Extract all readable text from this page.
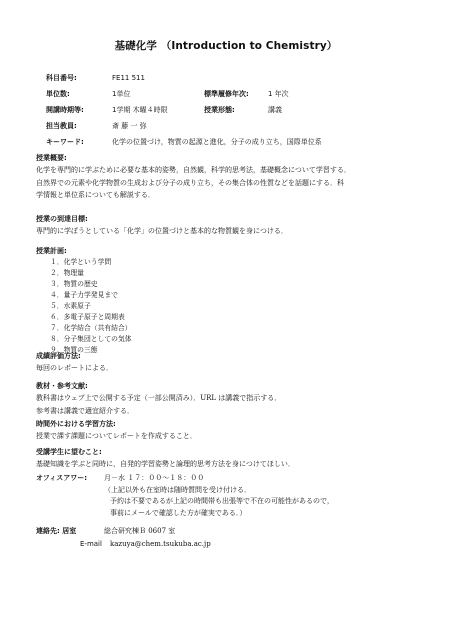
基礎化学 （Introduction to Chemistry）
科目番号:	FE11 511
単位数:	1単位	標準履修年次:	1 年次
開講時期等:	1学期 木曜４時限	授業形態:	講義
担当教員:	斎 藤 一 弥
キーワード:	化学の位置づけ，物質の起源と進化，分子の成り立ち，国際単位系
授業概要:
化学を専門的に学ぶために必要な基本的姿勢，自然観，科学的思考法，基礎概念について学習する．
自然界での元素や化学物質の生成および分子の成り立ち，その集合体の性質などを話題にする．科
学情報と単位系についても解説する．
授業の到達目標:
専門的に学ぼうとしている「化学」の位置づけと基本的な物質観を身につける．
授業計画:
１．化学という学問
２．物理量
３．物質の歴史
４．量子力学発見まで
５．水素原子
６．多電子原子と周期表
７．化学結合（共有結合）
８．分子集団としての気体
９．物質の三態
成績評価方法:
毎回のレポートによる．
教材・参考文献:
教科書はウェブ上で公開する予定（一部公開済み）．URL は講義で指示する．
参考書は講義で適宜紹介する．
時間外における学習方法:
授業で課す課題についてレポートを作成すること．
受講学生に望むこと:
基礎知識を学ぶと同時に，自発的学習姿勢と論理的思考方法を身につけてほしい．
オフィスアワー: 月－水 １７：００～１８：００
（上記以外も在室時は随時質問を受け付ける．
予約は不要であるが上記の時間帯も出張等で不在の可能性があるので，
事前にメールで確認した方が確実である．）
連絡先: 居室	総合研究棟Ｂ 0607 室
E-mail kazuya@chem.tsukuba.ac.jp
